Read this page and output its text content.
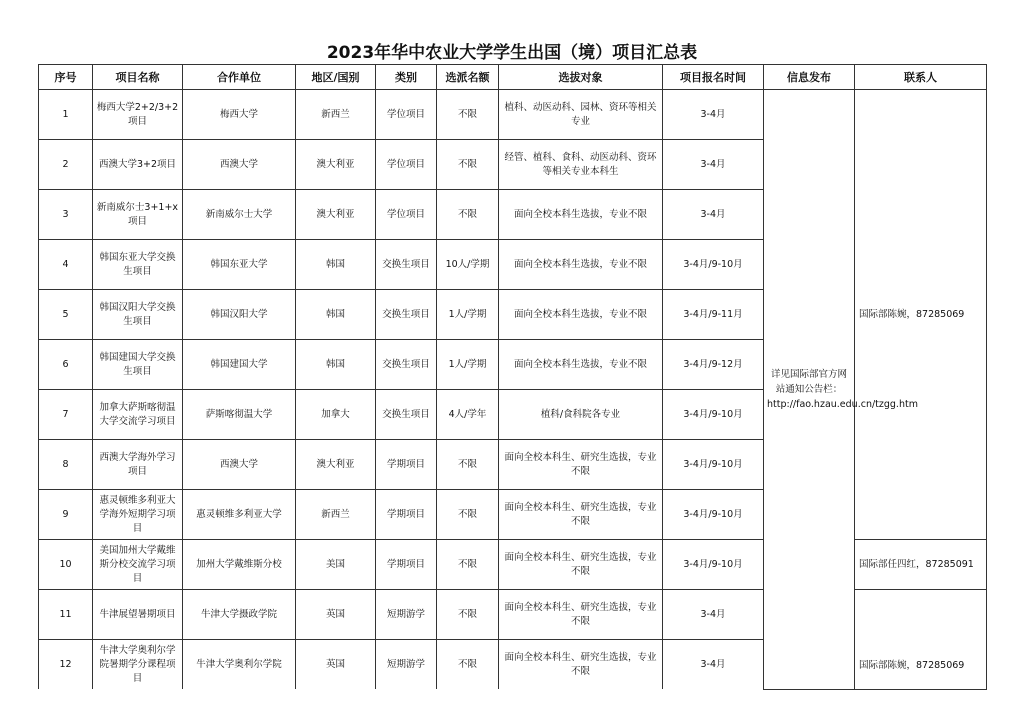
2023年华中农业大学学生出国（境）项目汇总表
序号	项目名称	合作单位	地区/国别	类别	选派名额	选拔对象	项目报名时间	信息发布	联系人
1	梅西大学2+2/3+2项目	梅西大学	新西兰	学位项目	不限	植科、动医动科、园林、资环等相关专业	3-4月	详见国际部官方网站通知公告栏：http://fao.hzau.edu.cn/tzgg.htm	国际部陈婉，87285069
2	西澳大学3+2项目	西澳大学	澳大利亚	学位项目	不限	经管、植科、食科、动医动科、资环等相关专业本科生	3-4月		
3	新南威尔士3+1+x项目	新南威尔士大学	澳大利亚	学位项目	不限	面向全校本科生选拔，专业不限	3-4月		
4	韩国东亚大学交换生项目	韩国东亚大学	韩国	交换生项目	10人/学期	面向全校本科生选拔，专业不限	3-4月/9-10月		
5	韩国汉阳大学交换生项目	韩国汉阳大学	韩国	交换生项目	1人/学期	面向全校本科生选拔，专业不限	3-4月/9-11月		
6	韩国建国大学交换生项目	韩国建国大学	韩国	交换生项目	1人/学期	面向全校本科生选拔，专业不限	3-4月/9-12月		
7	加拿大萨斯喀彻温大学交流学习项目	萨斯喀彻温大学	加拿大	交换生项目	4人/学年	植科/食科院各专业	3-4月/9-10月		
8	西澳大学海外学习项目	西澳大学	澳大利亚	学期项目	不限	面向全校本科生、研究生选拔，专业不限	3-4月/9-10月		
9	惠灵顿维多利亚大学海外短期学习项目	惠灵顿维多利亚大学	新西兰	学期项目	不限	面向全校本科生、研究生选拔，专业不限	3-4月/9-10月		
10	美国加州大学戴维斯分校交流学习项目	加州大学戴维斯分校	美国	学期项目	不限	面向全校本科生、研究生选拔，专业不限	3-4月/9-10月		国际部任四红，87285091
11	牛津展望暑期项目	牛津大学摄政学院	英国	短期游学	不限	面向全校本科生、研究生选拔，专业不限	3-4月		国际部陈婉，87285069
12	牛津大学奥利尔学院暑期学分课程项目	牛津大学奥利尔学院	英国	短期游学	不限	面向全校本科生、研究生选拔，专业不限	3-4月		
